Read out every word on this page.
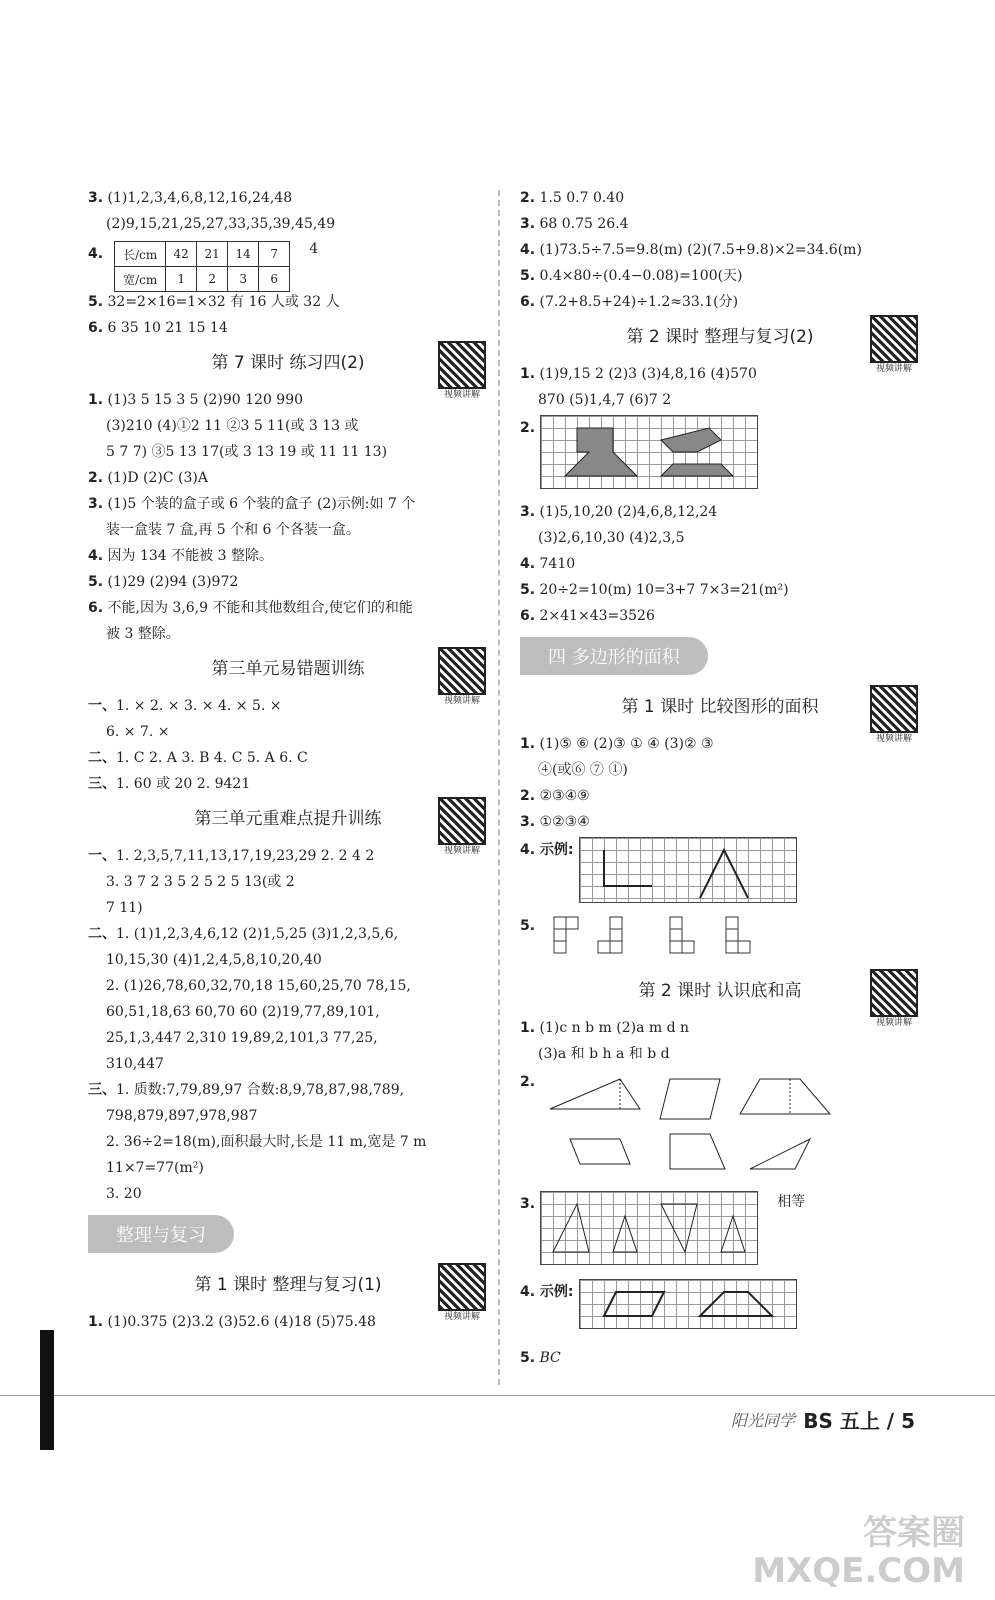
3. (1)1,2,3,4,6,8,12,16,24,48
(2)9,15,21,25,27,33,35,39,45,49
4. 长/cm	42	21	14	7
宽/cm	1	2	3	6 4
5. 32=2×16=1×32 有 16 人或 32 人
6. 6 35 10 21 15 14
第 7 课时 练习四(2)
视频讲解
1. (1)3 5 15 3 5 (2)90 120 990
(3)210 (4)①2 11 ②3 5 11(或 3 13 或
5 7 7) ③5 13 17(或 3 13 19 或 11 11 13)
2. (1)D (2)C (3)A
3. (1)5 个装的盒子或 6 个装的盒子 (2)示例:如 7 个
装一盒装 7 盒,再 5 个和 6 个各装一盒。
4. 因为 134 不能被 3 整除。
5. (1)29 (2)94 (3)972
6. 不能,因为 3,6,9 不能和其他数组合,使它们的和能
被 3 整除。
第三单元易错题训练
视频讲解
一、1. × 2. × 3. × 4. × 5. ×
6. × 7. ×
二、1. C 2. A 3. B 4. C 5. A 6. C
三、1. 60 或 20 2. 9421
第三单元重难点提升训练
视频讲解
一、1. 2,3,5,7,11,13,17,19,23,29 2. 2 4 2
3. 3 7 2 3 5 2 5 2 5 13(或 2
7 11)
二、1. (1)1,2,3,4,6,12 (2)1,5,25 (3)1,2,3,5,6,
10,15,30 (4)1,2,4,5,8,10,20,40
2. (1)26,78,60,32,70,18 15,60,25,70 78,15,
60,51,18,63 60,70 60 (2)19,77,89,101,
25,1,3,447 2,310 19,89,2,101,3 77,25,
310,447
三、1. 质数:7,79,89,97 合数:8,9,78,87,98,789,
798,879,897,978,987
2. 36÷2=18(m),面积最大时,长是 11 m,宽是 7 m
11×7=77(m²)
3. 20
整理与复习
第 1 课时 整理与复习(1)
视频讲解
1. (1)0.375 (2)3.2 (3)52.6 (4)18 (5)75.48
2. 1.5 0.7 0.40
3. 68 0.75 26.4
4. (1)73.5÷7.5=9.8(m) (2)(7.5+9.8)×2=34.6(m)
5. 0.4×80÷(0.4−0.08)=100(天)
6. (7.2+8.5+24)÷1.2≈33.1(分)
第 2 课时 整理与复习(2)
视频讲解
1. (1)9,15 2 (2)3 (3)4,8,16 (4)570
870 (5)1,4,7 (6)7 2
2.
3. (1)5,10,20 (2)4,6,8,12,24
(3)2,6,10,30 (4)2,3,5
4. 7410
5. 20÷2=10(m) 10=3+7 7×3=21(m²)
6. 2×41×43=3526
四 多边形的面积
第 1 课时 比较图形的面积
视频讲解
1. (1)⑤ ⑥ (2)③ ① ④ (3)② ③
④(或⑥ ⑦ ①)
2. ②③④⑨
3. ①②③④
4. 示例:
5.
第 2 课时 认识底和高
视频讲解
1. (1)c n b m (2)a m d n
(3)a 和 b h a 和 b d
2.
3.	相等
4. 示例:
5. BC
阳光同学 BS 五上 / 5
答案圈
MXQE.COM
